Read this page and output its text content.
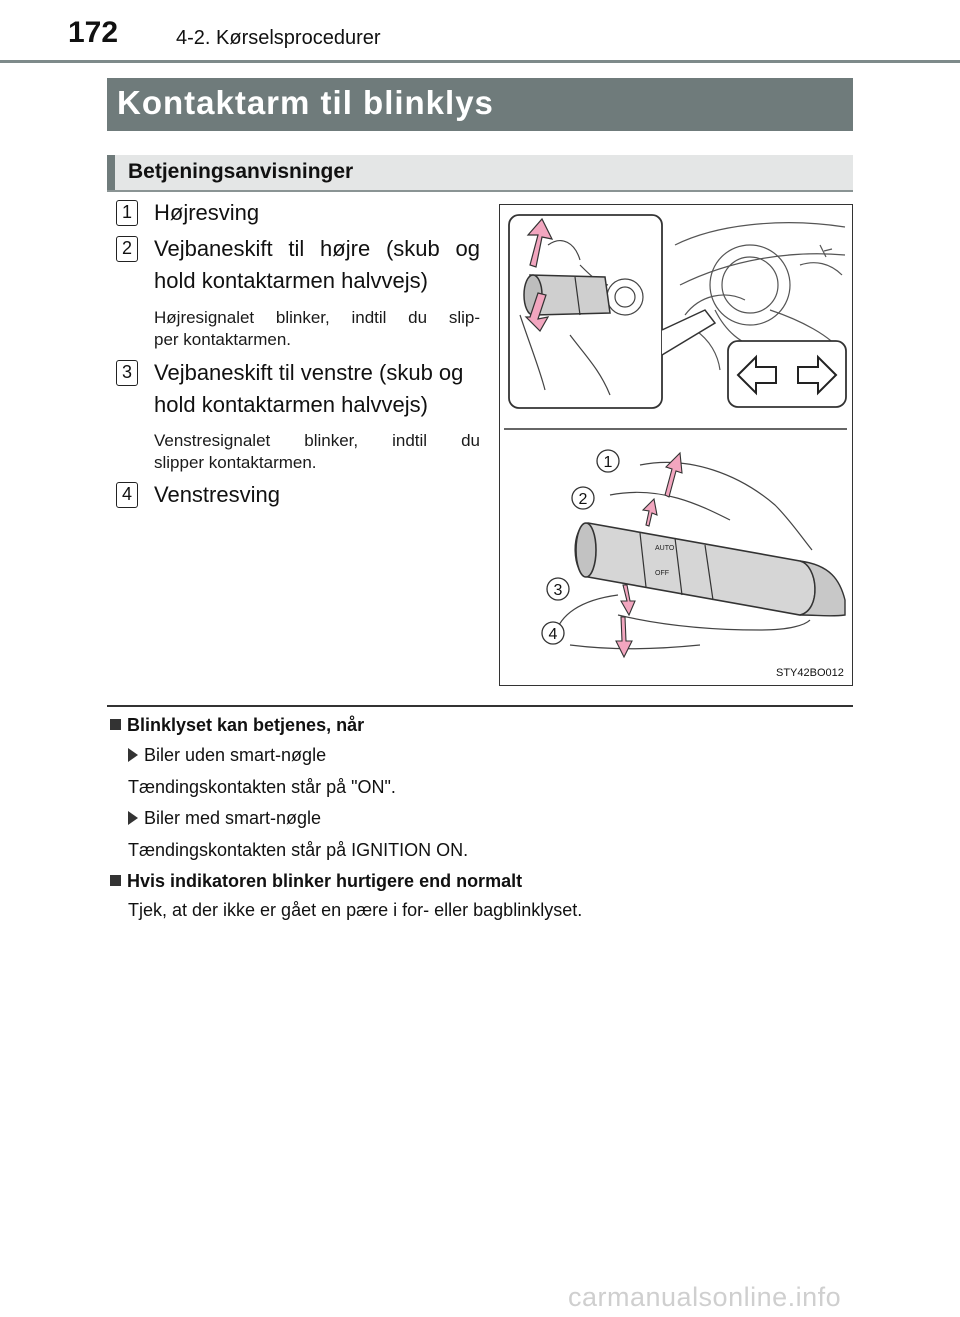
172	4-2. Kørselsprocedurer
Kontaktarm til blinklys
Betjeningsanvisninger
1 Højresving
2 Vejbaneskift til højre (skub og
hold kontaktarmen halvvejs)
Højresignalet blinker, indtil du slip-
per kontaktarmen.
3 Vejbaneskift til venstre (skub og
hold kontaktarmen halvvejs)
Venstresignalet blinker, indtil du
slipper kontaktarmen.
4 Venstresving
AUTO
OFF
1
2
3
4
STY42BO012
Blinklyset kan betjenes, når
Biler uden smart-nøgle
Tændingskontakten står på "ON".
Biler med smart-nøgle
Tændingskontakten står på IGNITION ON.
Hvis indikatoren blinker hurtigere end normalt
Tjek, at der ikke er gået en pære i for- eller bagblinklyset.
carmanualsonline.info
